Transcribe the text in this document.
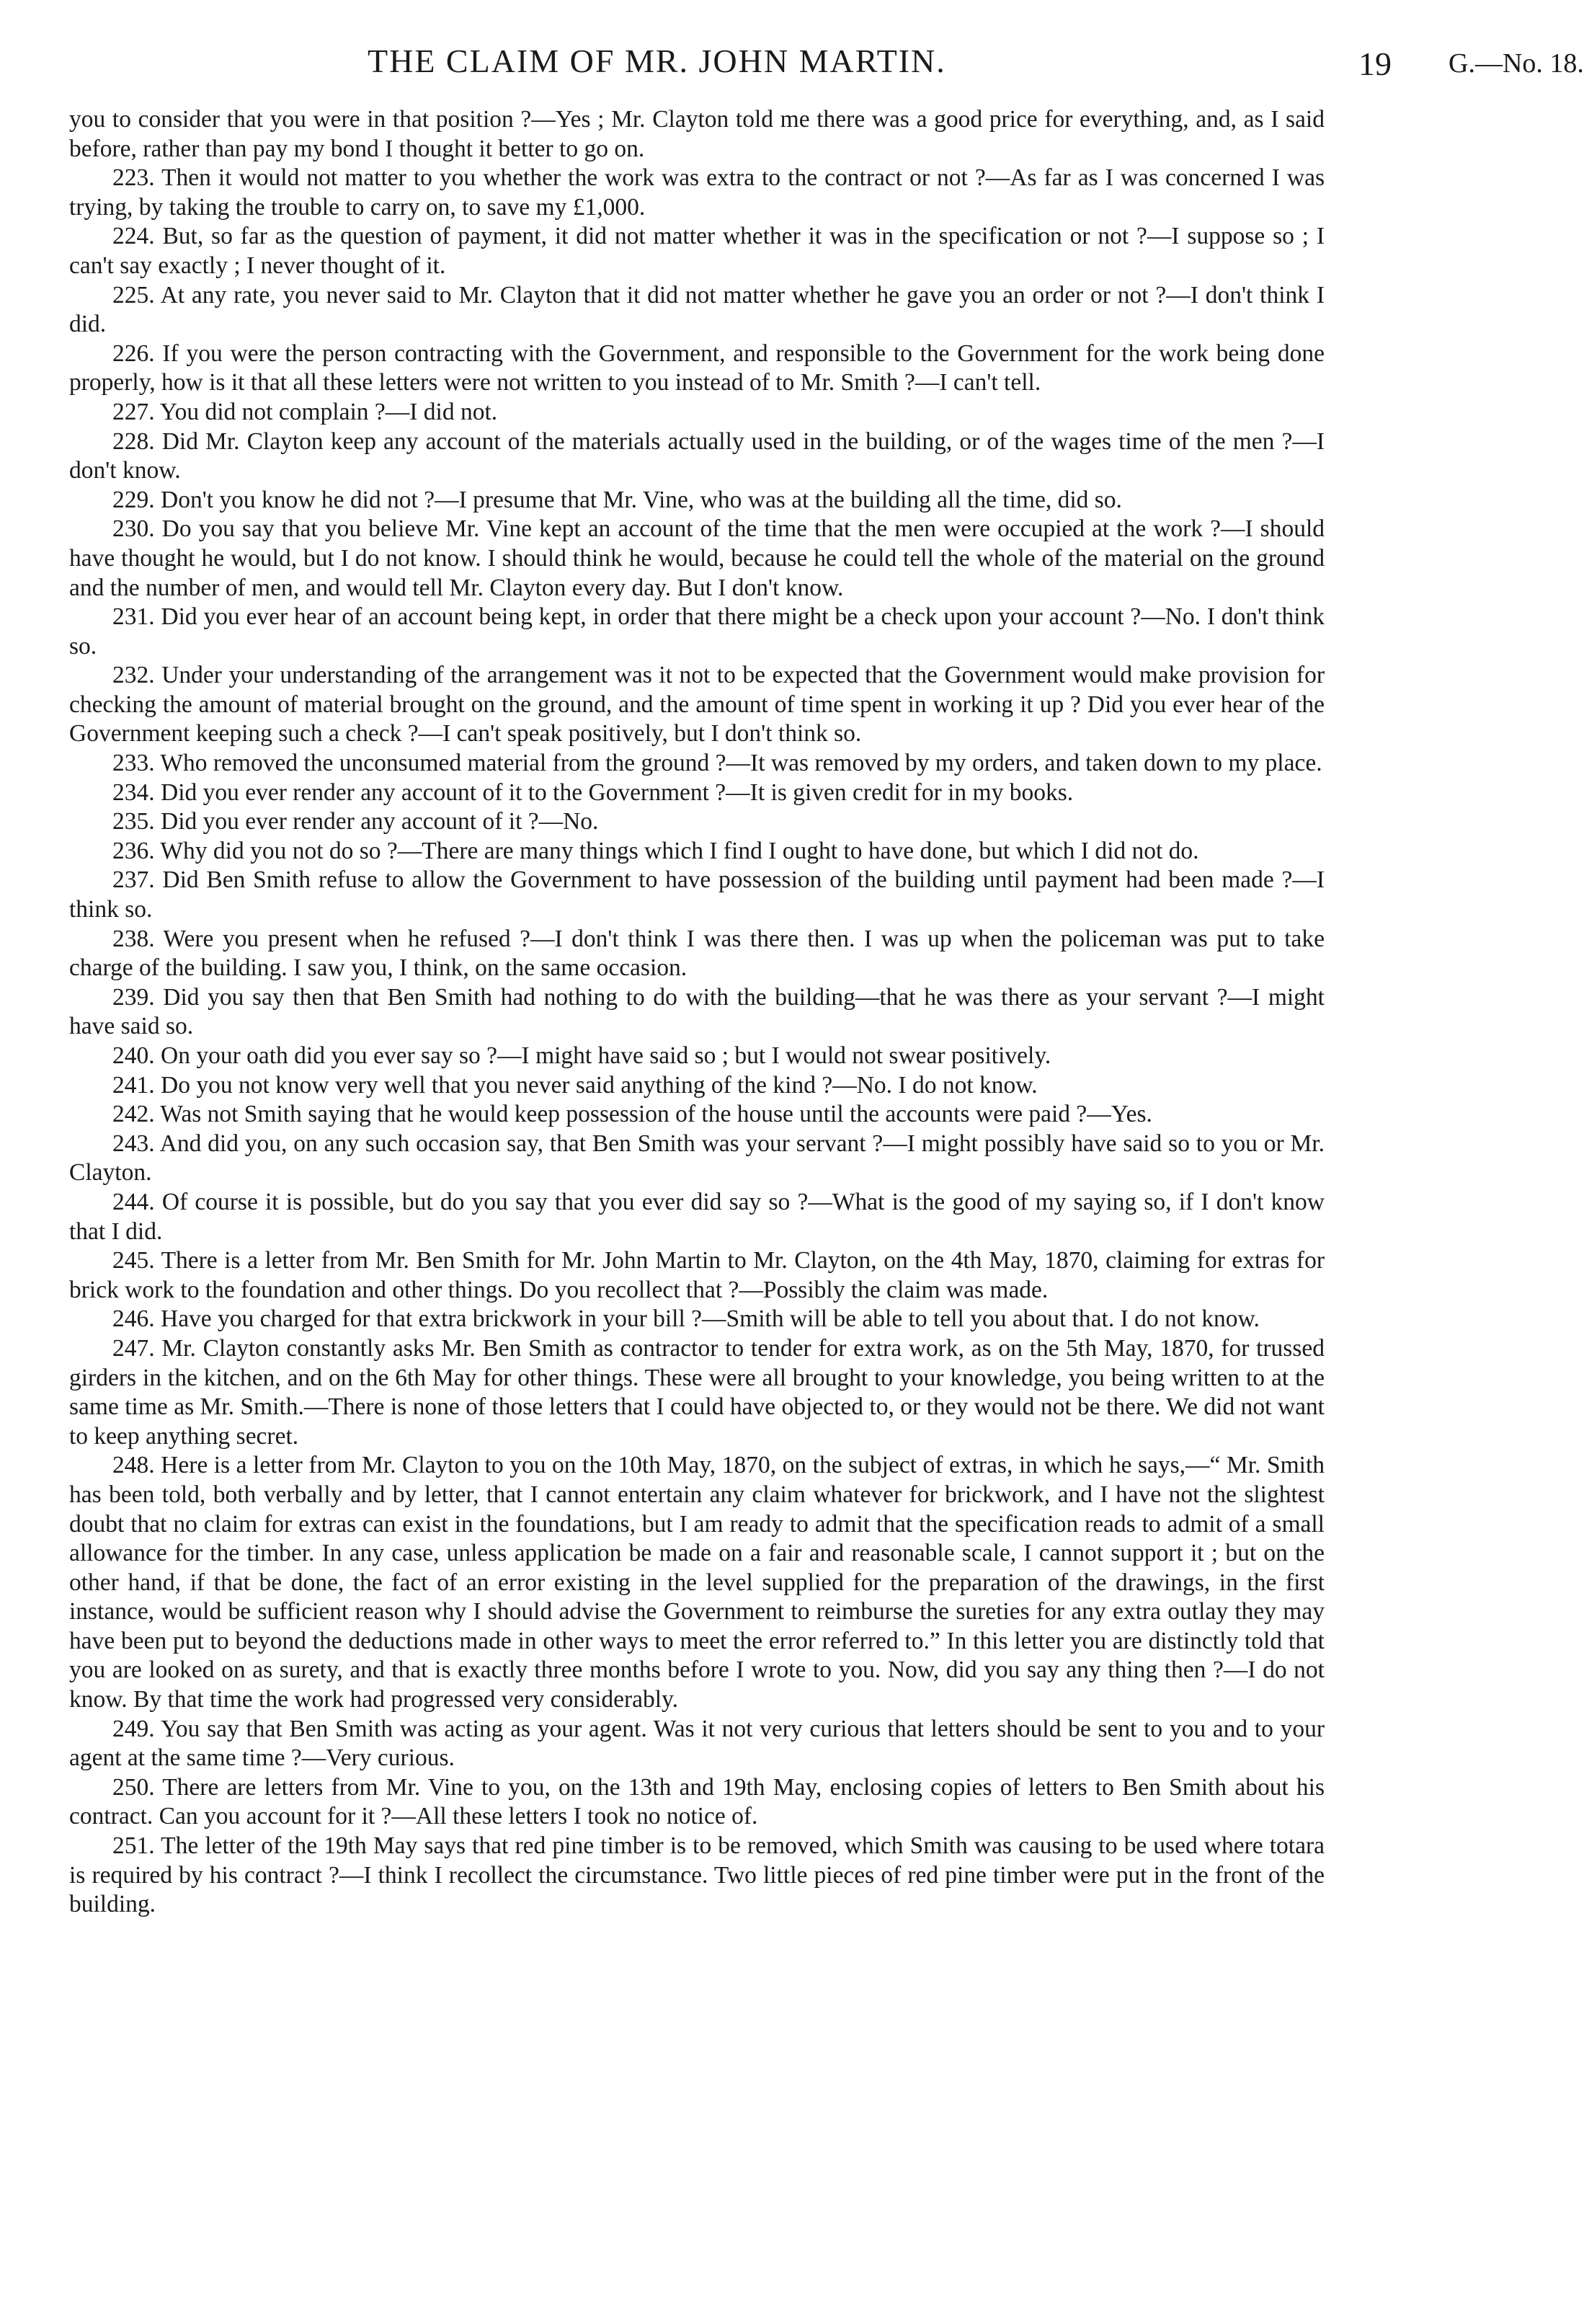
THE CLAIM OF MR. JOHN MARTIN.	19 G.—No. 18.

you to consider that you were in that position ?—Yes ; Mr. Clayton told me there was a good price for everything, and, as I said before, rather than pay my bond I thought it better to go on.

223. Then it would not matter to you whether the work was extra to the contract or not ?—As far as I was concerned I was trying, by taking the trouble to carry on, to save my £1,000.

224. But, so far as the question of payment, it did not matter whether it was in the specification or not ?—I suppose so ; I can't say exactly ; I never thought of it.

225. At any rate, you never said to Mr. Clayton that it did not matter whether he gave you an order or not ?—I don't think I did.

226. If you were the person contracting with the Government, and responsible to the Government for the work being done properly, how is it that all these letters were not written to you instead of to Mr. Smith ?—I can't tell.

227. You did not complain ?—I did not.

228. Did Mr. Clayton keep any account of the materials actually used in the building, or of the wages time of the men ?—I don't know.

229. Don't you know he did not ?—I presume that Mr. Vine, who was at the building all the time, did so.

230. Do you say that you believe Mr. Vine kept an account of the time that the men were occupied at the work ?—I should have thought he would, but I do not know. I should think he would, because he could tell the whole of the material on the ground and the number of men, and would tell Mr. Clayton every day. But I don't know.

231. Did you ever hear of an account being kept, in order that there might be a check upon your account ?—No. I don't think so.

232. Under your understanding of the arrangement was it not to be expected that the Government would make provision for checking the amount of material brought on the ground, and the amount of time spent in working it up ? Did you ever hear of the Government keeping such a check ?—I can't speak positively, but I don't think so.

233. Who removed the unconsumed material from the ground ?—It was removed by my orders, and taken down to my place.

234. Did you ever render any account of it to the Government ?—It is given credit for in my books.

235. Did you ever render any account of it ?—No.

236. Why did you not do so ?—There are many things which I find I ought to have done, but which I did not do.

237. Did Ben Smith refuse to allow the Government to have possession of the building until payment had been made ?—I think so.

238. Were you present when he refused ?—I don't think I was there then. I was up when the policeman was put to take charge of the building. I saw you, I think, on the same occasion.

239. Did you say then that Ben Smith had nothing to do with the building—that he was there as your servant ?—I might have said so.

240. On your oath did you ever say so ?—I might have said so ; but I would not swear positively.

241. Do you not know very well that you never said anything of the kind ?—No. I do not know.

242. Was not Smith saying that he would keep possession of the house until the accounts were paid ?—Yes.

243. And did you, on any such occasion say, that Ben Smith was your servant ?—I might possibly have said so to you or Mr. Clayton.

244. Of course it is possible, but do you say that you ever did say so ?—What is the good of my saying so, if I don't know that I did.

245. There is a letter from Mr. Ben Smith for Mr. John Martin to Mr. Clayton, on the 4th May, 1870, claiming for extras for brick work to the foundation and other things. Do you recollect that ?—Possibly the claim was made.

246. Have you charged for that extra brickwork in your bill ?—Smith will be able to tell you about that. I do not know.

247. Mr. Clayton constantly asks Mr. Ben Smith as contractor to tender for extra work, as on the 5th May, 1870, for trussed girders in the kitchen, and on the 6th May for other things. These were all brought to your knowledge, you being written to at the same time as Mr. Smith.—There is none of those letters that I could have objected to, or they would not be there. We did not want to keep anything secret.

248. Here is a letter from Mr. Clayton to you on the 10th May, 1870, on the subject of extras, in which he says,—“ Mr. Smith has been told, both verbally and by letter, that I cannot entertain any claim whatever for brickwork, and I have not the slightest doubt that no claim for extras can exist in the foundations, but I am ready to admit that the specification reads to admit of a small allowance for the timber. In any case, unless application be made on a fair and reasonable scale, I cannot support it ; but on the other hand, if that be done, the fact of an error existing in the level supplied for the preparation of the drawings, in the first instance, would be sufficient reason why I should advise the Government to reimburse the sureties for any extra outlay they may have been put to beyond the deductions made in other ways to meet the error referred to.” In this letter you are distinctly told that you are looked on as surety, and that is exactly three months before I wrote to you. Now, did you say any thing then ?—I do not know. By that time the work had progressed very considerably.

249. You say that Ben Smith was acting as your agent. Was it not very curious that letters should be sent to you and to your agent at the same time ?—Very curious.

250. There are letters from Mr. Vine to you, on the 13th and 19th May, enclosing copies of letters to Ben Smith about his contract. Can you account for it ?—All these letters I took no notice of.

251. The letter of the 19th May says that red pine timber is to be removed, which Smith was causing to be used where totara is required by his contract ?—I think I recollect the circumstance. Two little pieces of red pine timber were put in the front of the building.
